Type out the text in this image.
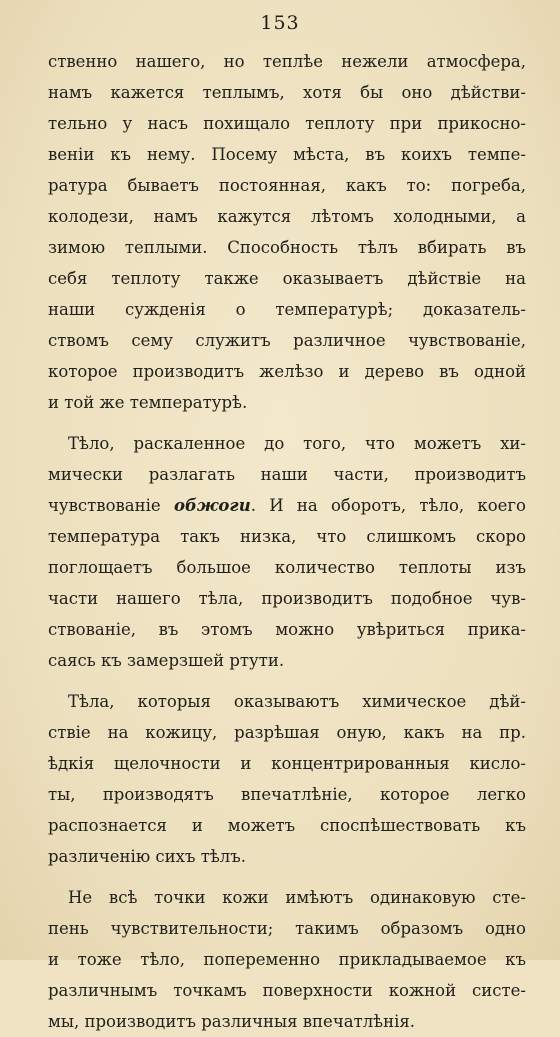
153

ственно нашего, но теплѣе нежели атмосфера,
намъ кажется теплымъ, хотя бы оно дѣйстви-
тельно у насъ похищало теплоту при прикосно-
веніи къ нему. Посему мѣста, въ коихъ темпе-
ратура бываетъ постоянная, какъ то: погреба,
колодези, намъ кажутся лѣтомъ холодными, а
зимою теплыми. Способность тѣлъ вбирать въ
себя теплоту также оказываетъ дѣйствіе на
наши сужденія о температурѣ; доказатель-
ствомъ сему служитъ различное чувствованіе,
которое производитъ желѣзо и дерево въ одной
и той же температурѣ.

Тѣло, раскаленное до того, что можетъ хи-
мически разлагать наши части, производитъ
чувствованіе обжоги. И на оборотъ, тѣло, коего
температура такъ низка, что слишкомъ скоро
поглощаетъ большое количество теплоты изъ
части нашего тѣла, производитъ подобное чув-
ствованіе, въ этомъ можно увѣриться прика-
саясь къ замерзшей ртути.

Тѣла, которыя оказываютъ химическое дѣй-
ствіе на кожицу, разрѣшая оную, какъ на пр.
ѣдкія щелочности и концентрированныя кисло-
ты, производятъ впечатлѣніе, которое легко
распознается и можетъ споспѣшествовать къ
различенію сихъ тѣлъ.

Не всѣ точки кожи имѣютъ одинаковую сте-
пень чувствительности; такимъ образомъ одно
и тоже тѣло, попеременно прикладываемое къ
различнымъ точкамъ поверхности кожной систе-
мы, производитъ различныя впечатлѣнія.
